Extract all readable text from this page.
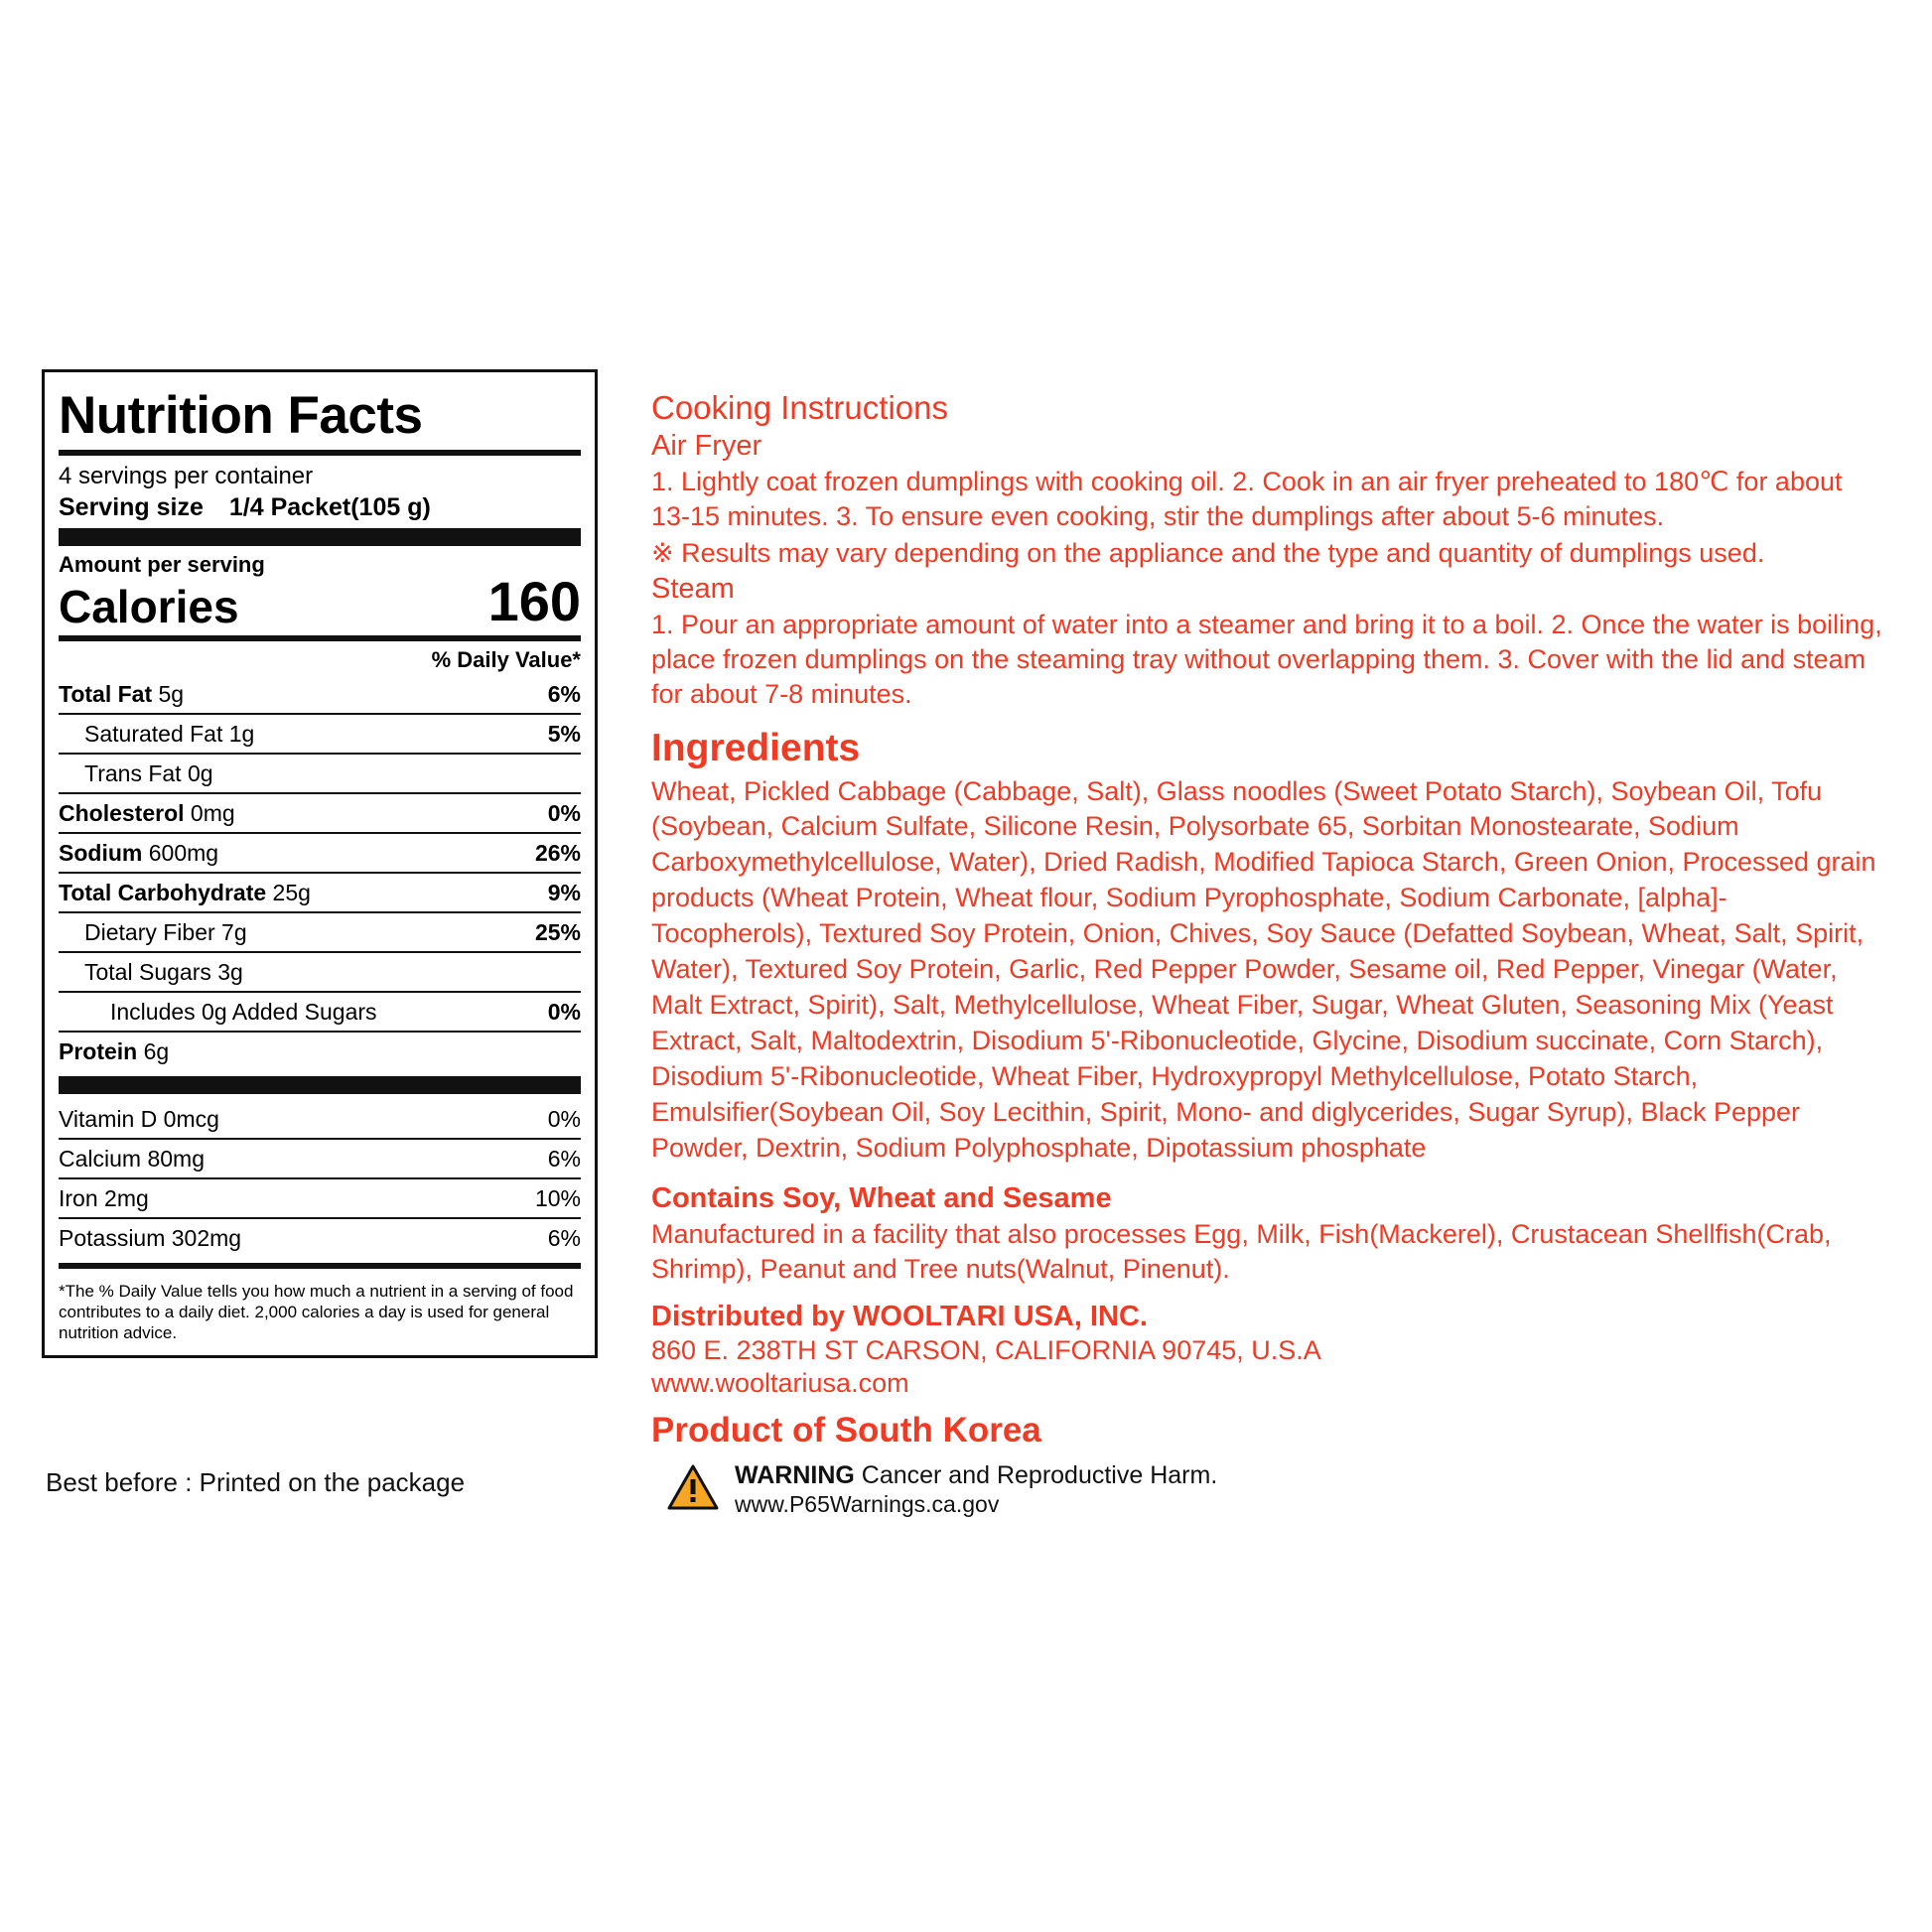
Nutrition Facts
4 servings per container
Serving size 1/4 Packet(105 g)
Amount per serving
Calories	160
% Daily Value*
Total Fat 5g	6%
Saturated Fat 1g	5%
Trans Fat 0g
Cholesterol 0mg	0%
Sodium 600mg	26%
Total Carbohydrate 25g	9%
Dietary Fiber 7g	25%
Total Sugars 3g
Includes 0g Added Sugars	0%
Protein 6g
Vitamin D 0mcg	0%
Calcium 80mg	6%
Iron 2mg	10%
Potassium 302mg	6%
*The % Daily Value tells you how much a nutrient in a serving of food contributes to a daily diet. 2,000 calories a day is used for general nutrition advice.
Best before : Printed on the package
Cooking Instructions
Air Fryer
1. Lightly coat frozen dumplings with cooking oil. 2. Cook in an air fryer preheated to 180℃ for about 13-15 minutes. 3. To ensure even cooking, stir the dumplings after about 5-6 minutes.
※ Results may vary depending on the appliance and the type and quantity of dumplings used.
Steam
1. Pour an appropriate amount of water into a steamer and bring it to a boil. 2. Once the water is boiling, place frozen dumplings on the steaming tray without overlapping them. 3. Cover with the lid and steam for about 7-8 minutes.
Ingredients
Wheat, Pickled Cabbage (Cabbage, Salt), Glass noodles (Sweet Potato Starch), Soybean Oil, Tofu (Soybean, Calcium Sulfate, Silicone Resin, Polysorbate 65, Sorbitan Monostearate, Sodium Carboxymethylcellulose, Water), Dried Radish, Modified Tapioca Starch, Green Onion, Processed grain products (Wheat Protein, Wheat flour, Sodium Pyrophosphate, Sodium Carbonate, [alpha]-Tocopherols), Textured Soy Protein, Onion, Chives, Soy Sauce (Defatted Soybean, Wheat, Salt, Spirit, Water), Textured Soy Protein, Garlic, Red Pepper Powder, Sesame oil, Red Pepper, Vinegar (Water, Malt Extract, Spirit), Salt, Methylcellulose, Wheat Fiber, Sugar, Wheat Gluten, Seasoning Mix (Yeast Extract, Salt, Maltodextrin, Disodium 5'-Ribonucleotide, Glycine, Disodium succinate, Corn Starch), Disodium 5'-Ribonucleotide, Wheat Fiber, Hydroxypropyl Methylcellulose, Potato Starch, Emulsifier(Soybean Oil, Soy Lecithin, Spirit, Mono- and diglycerides, Sugar Syrup), Black Pepper Powder, Dextrin, Sodium Polyphosphate, Dipotassium phosphate
Contains Soy, Wheat and Sesame
Manufactured in a facility that also processes Egg, Milk, Fish(Mackerel), Crustacean Shellfish(Crab, Shrimp), Peanut and Tree nuts(Walnut, Pinenut).
Distributed by WOOLTARI USA, INC.
860 E. 238TH ST CARSON, CALIFORNIA 90745, U.S.A
www.wooltariusa.com
Product of South Korea
WARNING Cancer and Reproductive Harm.
www.P65Warnings.ca.gov
